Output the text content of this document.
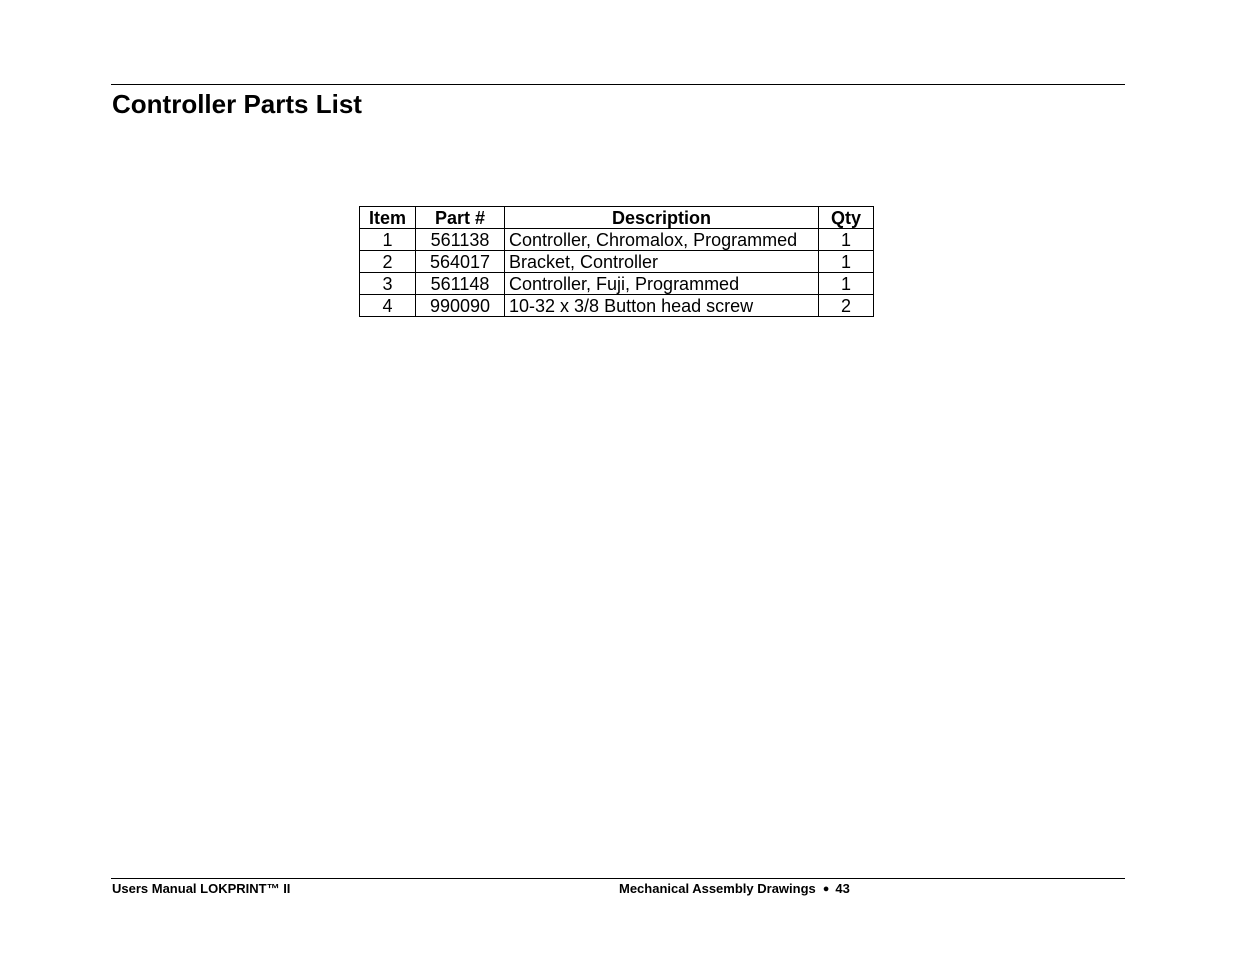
Controller Parts List
Item	Part #	Description	Qty
1	561138	Controller, Chromalox, Programmed	1
2	564017	Bracket, Controller	1
3	561148	Controller, Fuji, Programmed	1
4	990090	10-32 x 3/8 Button head screw	2
Users Manual LOKPRINT™ II	Mechanical Assembly Drawings ● 43
